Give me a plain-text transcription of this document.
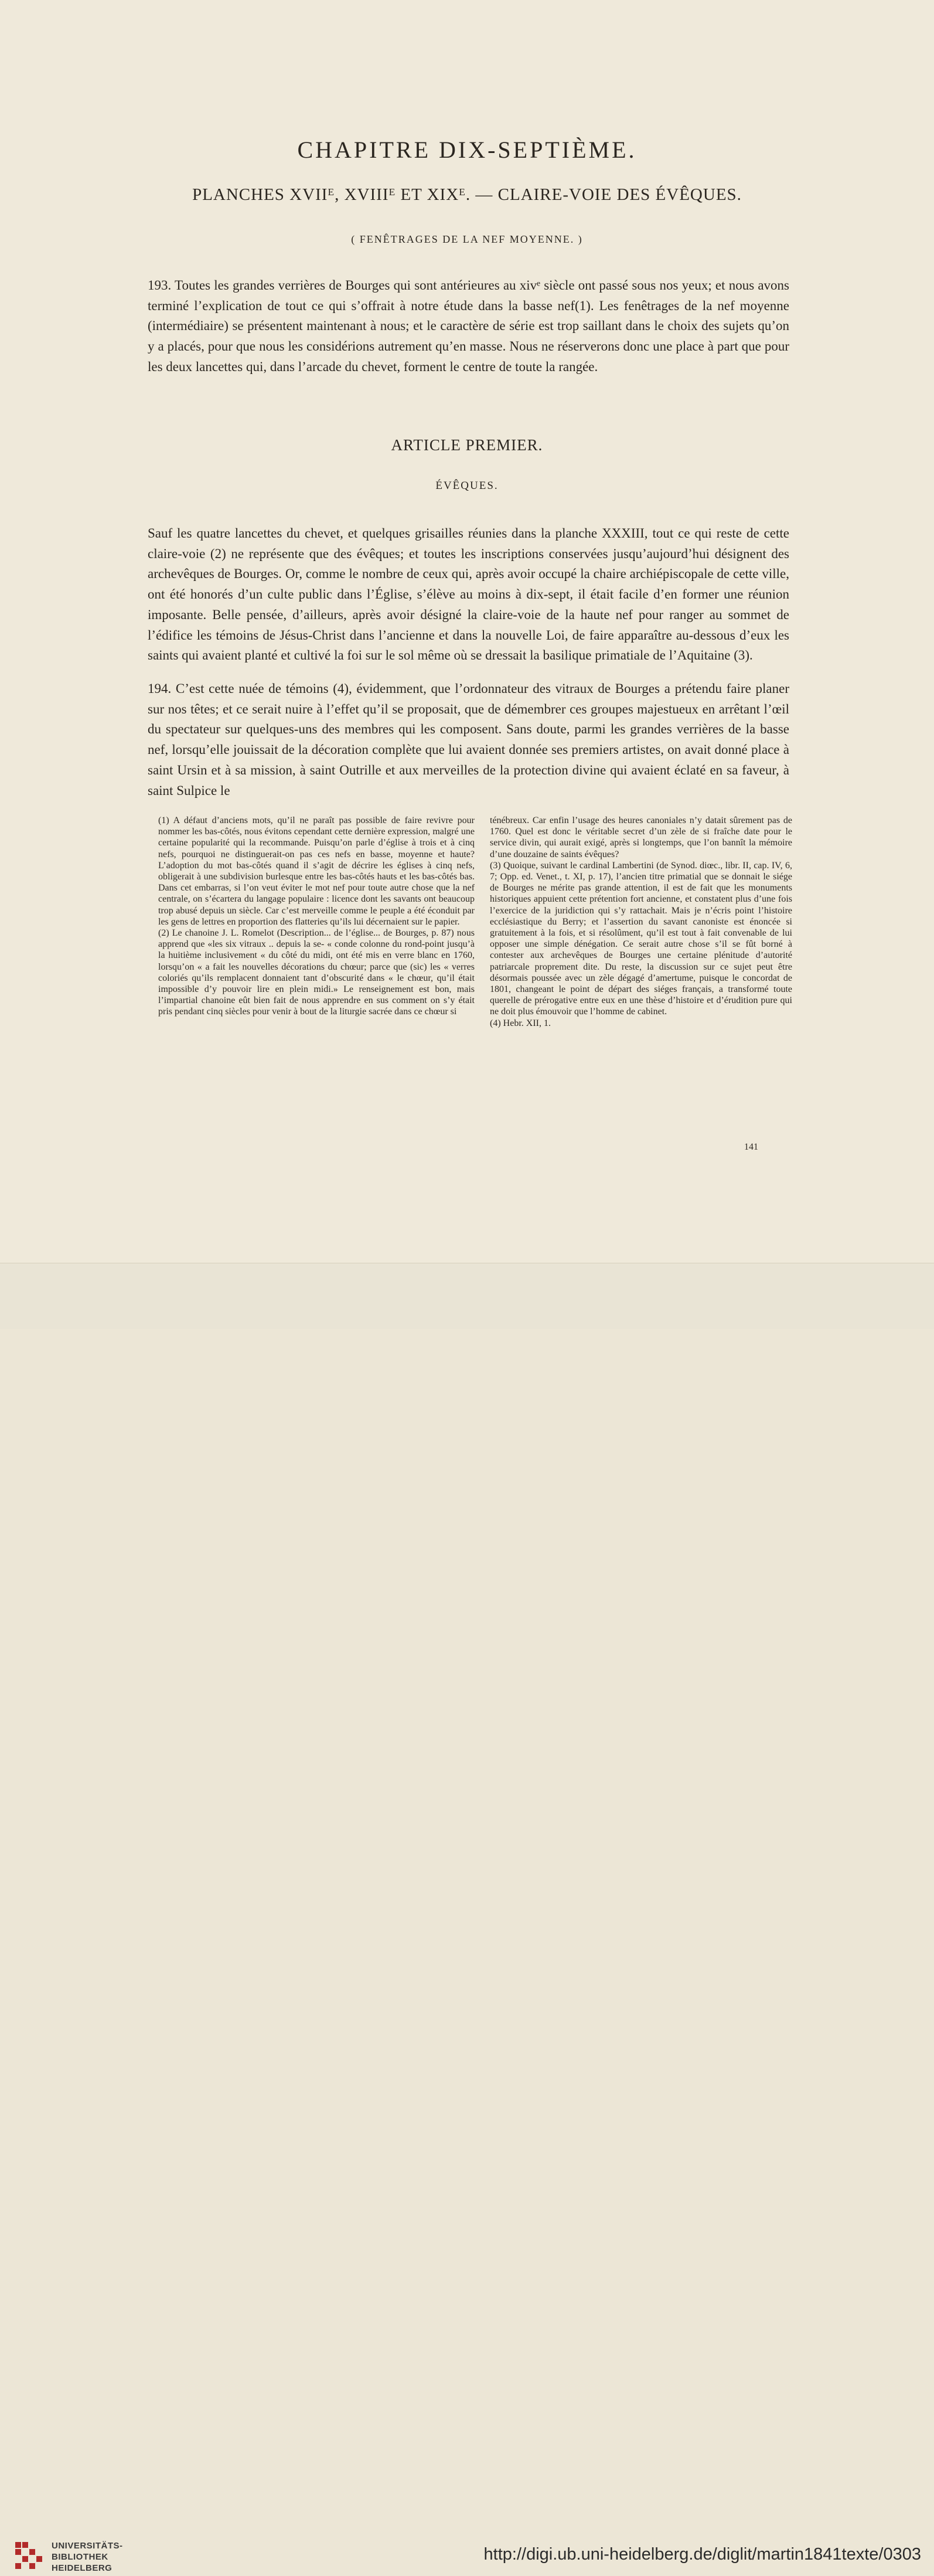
CHAPITRE DIX-SEPTIÈME.
PLANCHES XVIIᴱ, XVIIIᴱ ET XIXᴱ. — CLAIRE-VOIE DES ÉVÊQUES.
( FENÊTRAGES DE LA NEF MOYENNE. )

193. Toutes les grandes verrières de Bourges qui sont antérieures au xivᵉ siècle ont passé sous nos yeux; et nous avons terminé l’explication de tout ce qui s’offrait à notre étude dans la basse nef(1). Les fenêtrages de la nef moyenne (intermédiaire) se présentent maintenant à nous; et le caractère de série est trop saillant dans le choix des sujets qu’on y a placés, pour que nous les considérions autrement qu’en masse. Nous ne réserverons donc une place à part que pour les deux lancettes qui, dans l’arcade du chevet, forment le centre de toute la rangée.

ARTICLE PREMIER.
ÉVÊQUES.

Sauf les quatre lancettes du chevet, et quelques grisailles réunies dans la planche XXXIII, tout ce qui reste de cette claire-voie (2) ne représente que des évêques; et toutes les inscriptions conservées jusqu’aujourd’hui désignent des archevêques de Bourges. Or, comme le nombre de ceux qui, après avoir occupé la chaire archiépiscopale de cette ville, ont été honorés d’un culte public dans l’Église, s’élève au moins à dix-sept, il était facile d’en former une réunion imposante. Belle pensée, d’ailleurs, après avoir désigné la claire-voie de la haute nef pour ranger au sommet de l’édifice les témoins de Jésus-Christ dans l’ancienne et dans la nouvelle Loi, de faire apparaître au-dessous d’eux les saints qui avaient planté et cultivé la foi sur le sol même où se dressait la basilique primatiale de l’Aquitaine (3).

194. C’est cette nuée de témoins (4), évidemment, que l’ordonnateur des vitraux de Bourges a prétendu faire planer sur nos têtes; et ce serait nuire à l’effet qu’il se proposait, que de démembrer ces groupes majestueux en arrêtant l’œil du spectateur sur quelques-uns des membres qui les composent. Sans doute, parmi les grandes verrières de la basse nef, lorsqu’elle jouissait de la décoration complète que lui avaient donnée ses premiers artistes, on avait donné place à saint Ursin et à sa mission, à saint Outrille et aux merveilles de la protection divine qui avaient éclaté en sa faveur, à saint Sulpice le

(1) A défaut d’anciens mots, qu’il ne paraît pas possible de faire revivre pour nommer les bas-côtés, nous évitons cependant cette dernière expression, malgré une certaine popularité qui la recommande. Puisqu’on parle d’église à trois et à cinq nefs, pourquoi ne distinguerait-on pas ces nefs en basse, moyenne et haute? L’adoption du mot bas-côtés quand il s’agit de décrire les églises à cinq nefs, obligerait à une subdivision burlesque entre les bas-côtés hauts et les bas-côtés bas. Dans cet embarras, si l’on veut éviter le mot nef pour toute autre chose que la nef centrale, on s’écartera du langage populaire : licence dont les savants ont beaucoup trop abusé depuis un siècle. Car c’est merveille comme le peuple a été éconduit par les gens de lettres en proportion des flatteries qu’ils lui décernaient sur le papier.

(2) Le chanoine J. L. Romelot (Description... de l’église... de Bourges, p. 87) nous apprend que «les six vitraux .. depuis la se- « conde colonne du rond-point jusqu’à la huitième inclusivement « du côté du midi, ont été mis en verre blanc en 1760, lorsqu’on « a fait les nouvelles décorations du chœur; parce que (sic) les « verres coloriés qu’ils remplacent donnaient tant d’obscurité dans « le chœur, qu’il était impossible d’y pouvoir lire en plein midi.» Le renseignement est bon, mais l’impartial chanoine eût bien fait de nous apprendre en sus comment on s’y était pris pendant cinq siècles pour venir à bout de la liturgie sacrée dans ce chœur si

ténébreux. Car enfin l’usage des heures canoniales n’y datait sûrement pas de 1760. Quel est donc le véritable secret d’un zèle de si fraîche date pour le service divin, qui aurait exigé, après si longtemps, que l’on bannît la mémoire d’une douzaine de saints évêques?

(3) Quoique, suivant le cardinal Lambertini (de Synod. diœc., libr. II, cap. IV, 6, 7; Opp. ed. Venet., t. XI, p. 17), l’ancien titre primatial que se donnait le siége de Bourges ne mérite pas grande attention, il est de fait que les monuments historiques appuient cette prétention fort ancienne, et constatent plus d’une fois l’exercice de la juridiction qui s’y rattachait. Mais je n’écris point l’histoire ecclésiastique du Berry; et l’assertion du savant canoniste est énoncée si gratuitement à la fois, et si résolûment, qu’il est tout à fait convenable de lui opposer une simple dénégation. Ce serait autre chose s’il se fût borné à contester aux archevêques de Bourges une certaine plénitude d’autorité patriarcale proprement dite. Du reste, la discussion sur ce sujet peut être désormais poussée avec un zèle dégagé d’amertume, puisque le concordat de 1801, changeant le point de départ des siéges français, a transformé toute querelle de prérogative entre eux en une thèse d’histoire et d’érudition pure qui ne doit plus émouvoir que l’homme de cabinet.

(4) Hebr. XII, 1.

141
UNIVERSITÄTS-
BIBLIOTHEK
HEIDELBERG
http://digi.ub.uni-heidelberg.de/diglit/martin1841texte/0303
